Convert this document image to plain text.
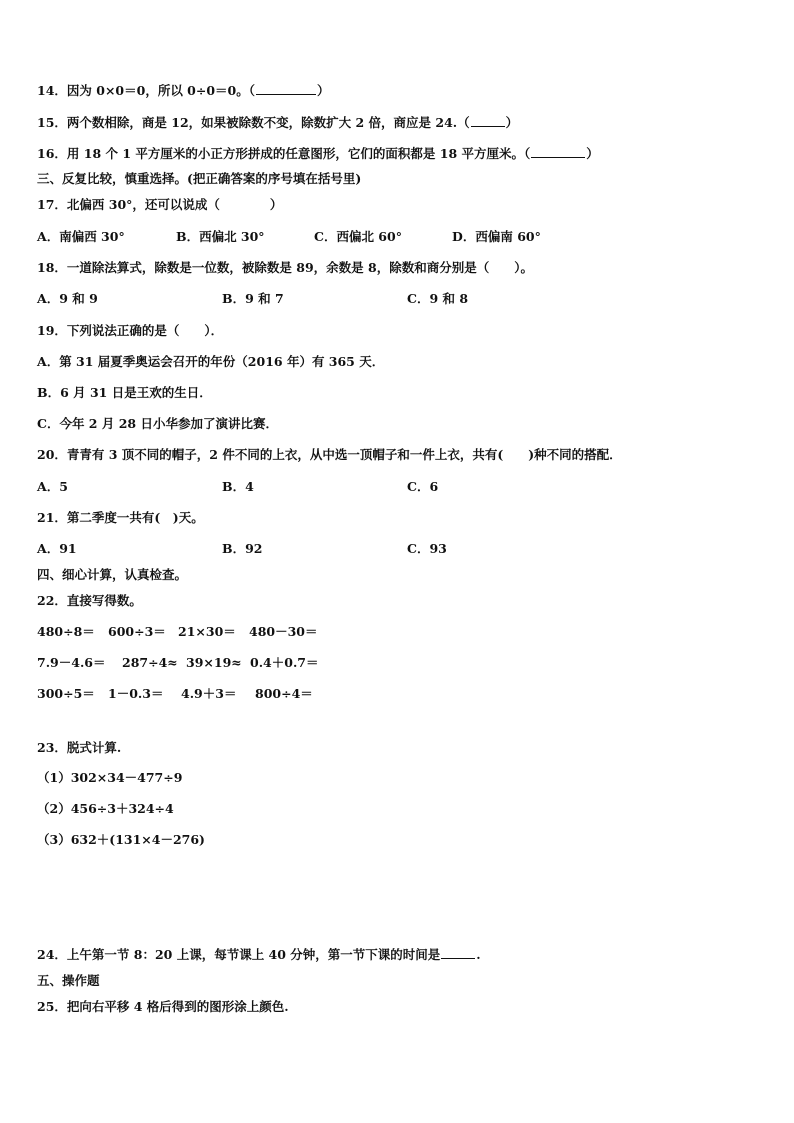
14．因为 0×0＝0，所以 0÷0＝0。（	）
15．两个数相除，商是 12，如果被除数不变，除数扩大 2 倍，商应是 24.（	）
16．用 18 个 1 平方厘米的小正方形拼成的任意图形，它们的面积都是 18 平方厘米。（	）
三、反复比较，慎重选择。(把正确答案的序号填在括号里)
17．北偏西 30°，还可以说成（　　　　）
A．南偏西 30°	B．西偏北 30°	C．西偏北 60°	D．西偏南 60°
18．一道除法算式，除数是一位数，被除数是 89，余数是 8，除数和商分别是（　　）。
A．9 和 9	B．9 和 7	C．9 和 8
19．下列说法正确的是（　　）．
A．第 31 届夏季奥运会召开的年份（2016 年）有 365 天．
B．6 月 31 日是王欢的生日．
C．今年 2 月 28 日小华参加了演讲比赛．
20．青青有 3 顶不同的帽子，2 件不同的上衣，从中选一顶帽子和一件上衣，共有(　　)种不同的搭配．
A．5	B．4	C．6
21．第二季度一共有(　)天。
A．91	B．92	C．93
四、细心计算，认真检查。
22．直接写得数。
480÷8＝ 600÷3＝ 21×30＝ 480－30＝
7.9－4.6＝ 287÷4≈ 39×19≈ 0.4＋0.7＝
300÷5＝ 1－0.3＝ 4.9＋3＝ 800÷4＝
23．脱式计算.
（1）302×34－477÷9
（2）456÷3＋324÷4
（3）632＋(131×4－276)
24．上午第一节 8：20 上课，每节课上 40 分钟，第一节下课的时间是	.
五、操作题
25．把向右平移 4 格后得到的图形涂上颜色.
